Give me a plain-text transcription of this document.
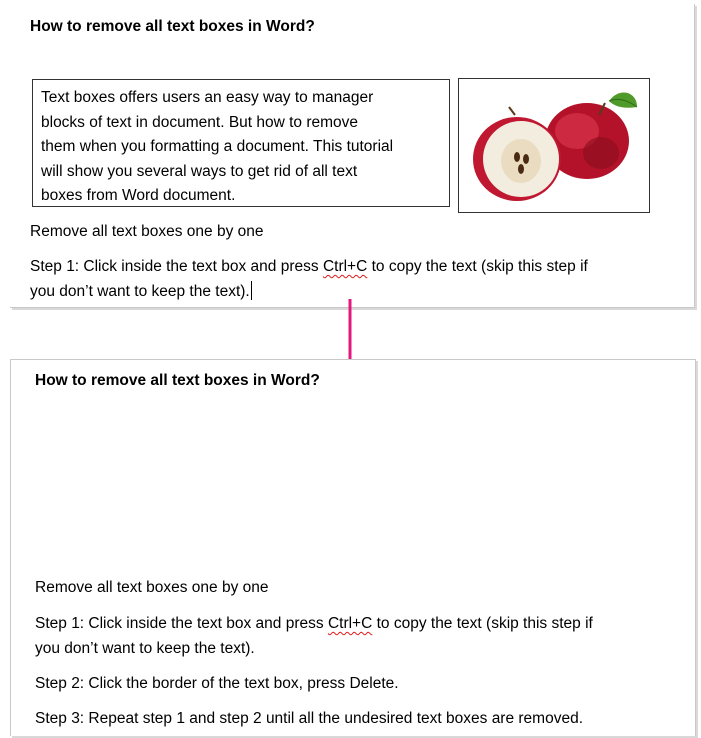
How to remove all text boxes in Word?
Text boxes offers users an easy way to manager
blocks of text in document. But how to remove
them when you formatting a document. This tutorial
will show you several ways to get rid of all text
boxes from Word document.
Remove all text boxes one by one
Step 1: Click inside the text box and press Ctrl+C to copy the text (skip this step if
you don’t want to keep the text).
How to remove all text boxes in Word?
Remove all text boxes one by one
Step 1: Click inside the text box and press Ctrl+C to copy the text (skip this step if
you don’t want to keep the text).
Step 2: Click the border of the text box, press Delete.
Step 3: Repeat step 1 and step 2 until all the undesired text boxes are removed.
